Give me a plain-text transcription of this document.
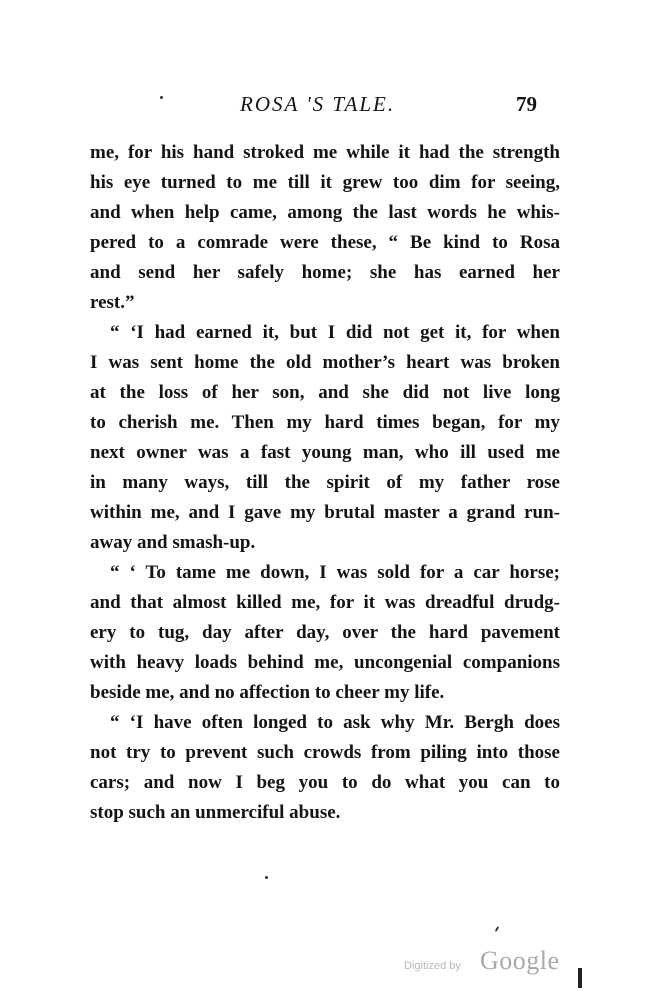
ROSA 'S TALE.	79
me, for his hand stroked me while it had the strength
his eye turned to me till it grew too dim for seeing,
and when help came, among the last words he whis-
pered to a comrade were these, “ Be kind to Rosa
and send her safely home; she has earned her
rest.”
“ ‘I had earned it, but I did not get it, for when
I was sent home the old mother’s heart was broken
at the loss of her son, and she did not live long
to cherish me. Then my hard times began, for my
next owner was a fast young man, who ill used me
in many ways, till the spirit of my father rose
within me, and I gave my brutal master a grand run-
away and smash-up.
“ ‘ To tame me down, I was sold for a car horse;
and that almost killed me, for it was dreadful drudg-
ery to tug, day after day, over the hard pavement
with heavy loads behind me, uncongenial companions
beside me, and no affection to cheer my life.
“ ‘I have often longed to ask why Mr. Bergh does
not try to prevent such crowds from piling into those
cars; and now I beg you to do what you can to
stop such an unmerciful abuse.
Digitized by Google
